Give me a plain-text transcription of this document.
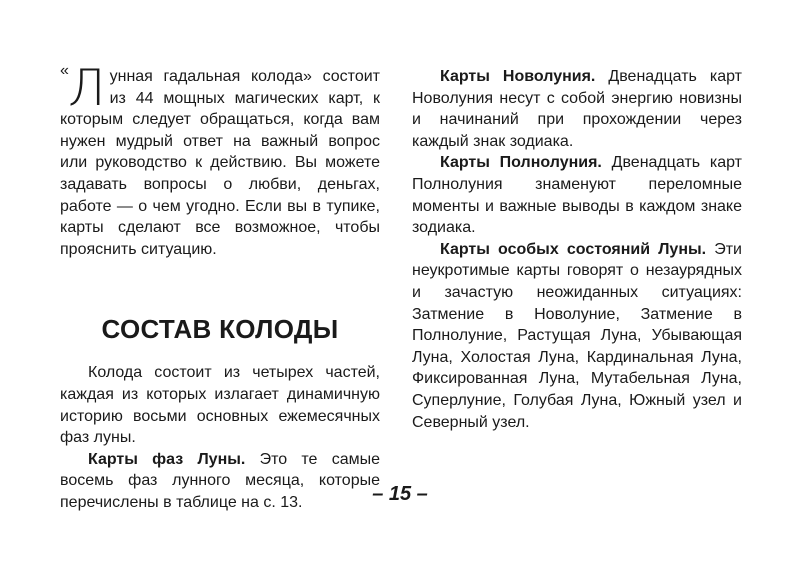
« Л унная гадальная колода» состоит из 44 мощных магических карт, к которым следует обращаться, когда вам нужен мудрый ответ на важный вопрос или руководство к действию. Вы можете задавать вопросы о любви, деньгах, работе — о чем угодно. Если вы в тупике, карты сделают все возможное, чтобы прояснить ситуацию.

СОСТАВ КОЛОДЫ

Колода состоит из четырех частей, каждая из которых излагает динамичную историю восьми основных ежемесячных фаз луны.

Карты фаз Луны. Это те самые восемь фаз лунного месяца, которые перечислены в таблице на с. 13.

Карты Новолуния. Двенадцать карт Новолуния несут с собой энергию новизны и начинаний при прохождении через каждый знак зодиака.

Карты Полнолуния. Двенадцать карт Полнолуния знаменуют переломные моменты и важные выводы в каждом знаке зодиака.

Карты особых состояний Луны. Эти неукротимые карты говорят о незаурядных и зачастую неожиданных ситуациях: Затмение в Новолуние, Затмение в Полнолуние, Растущая Луна, Убывающая Луна, Холостая Луна, Кардинальная Луна, Фиксированная Луна, Мутабельная Луна, Суперлуние, Голубая Луна, Южный узел и Северный узел.

– 15 –
